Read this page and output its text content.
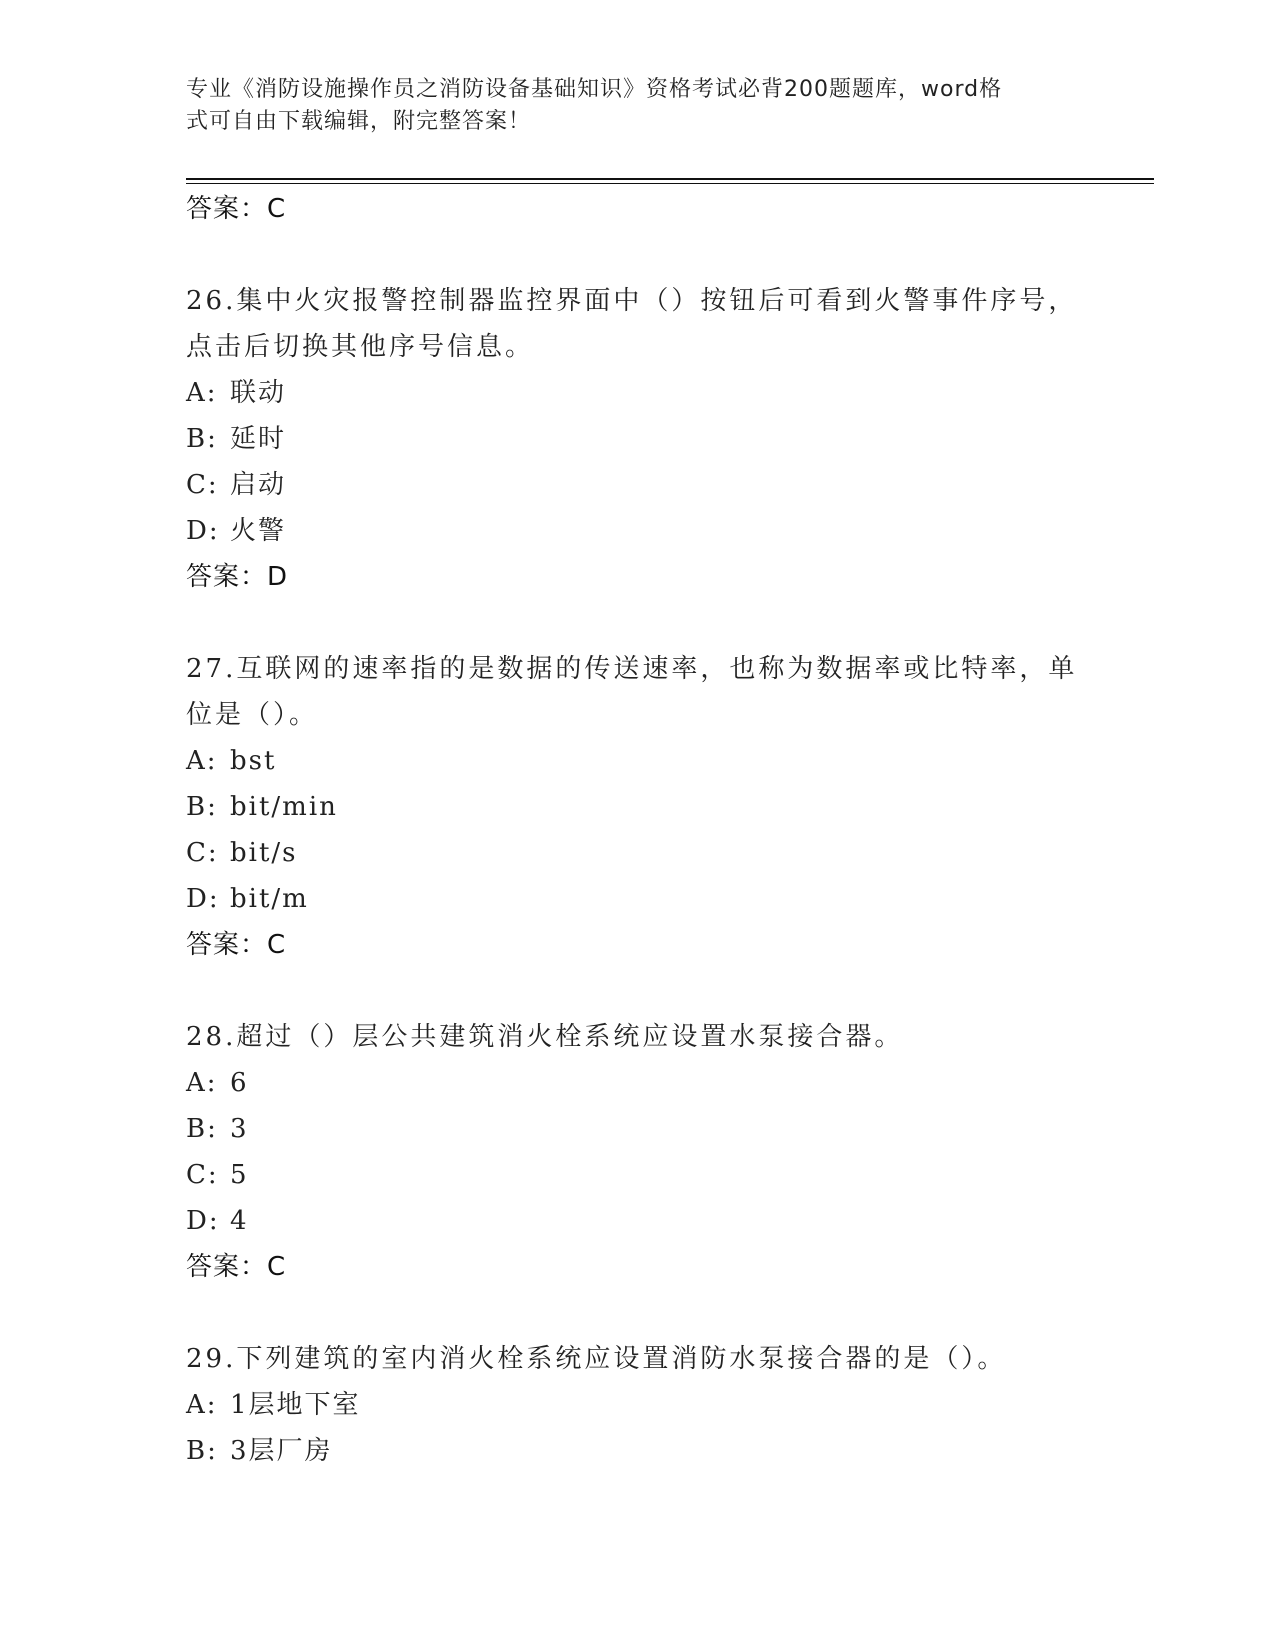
专业《消防设施操作员之消防设备基础知识》资格考试必背200题题库，word格
式可自由下载编辑，附完整答案！
答案：C
26.集中火灾报警控制器监控界面中（）按钮后可看到火警事件序号，
点击后切换其他序号信息。
A: 联动
B: 延时
C: 启动
D: 火警
答案：D
27.互联网的速率指的是数据的传送速率，也称为数据率或比特率，单
位是（）。
A: bst
B: bit/min
C: bit/s
D: bit/m
答案：C
28.超过（）层公共建筑消火栓系统应设置水泵接合器。
A: 6
B: 3
C: 5
D: 4
答案：C
29.下列建筑的室内消火栓系统应设置消防水泵接合器的是（）。
A: 1层地下室
B: 3层厂房
